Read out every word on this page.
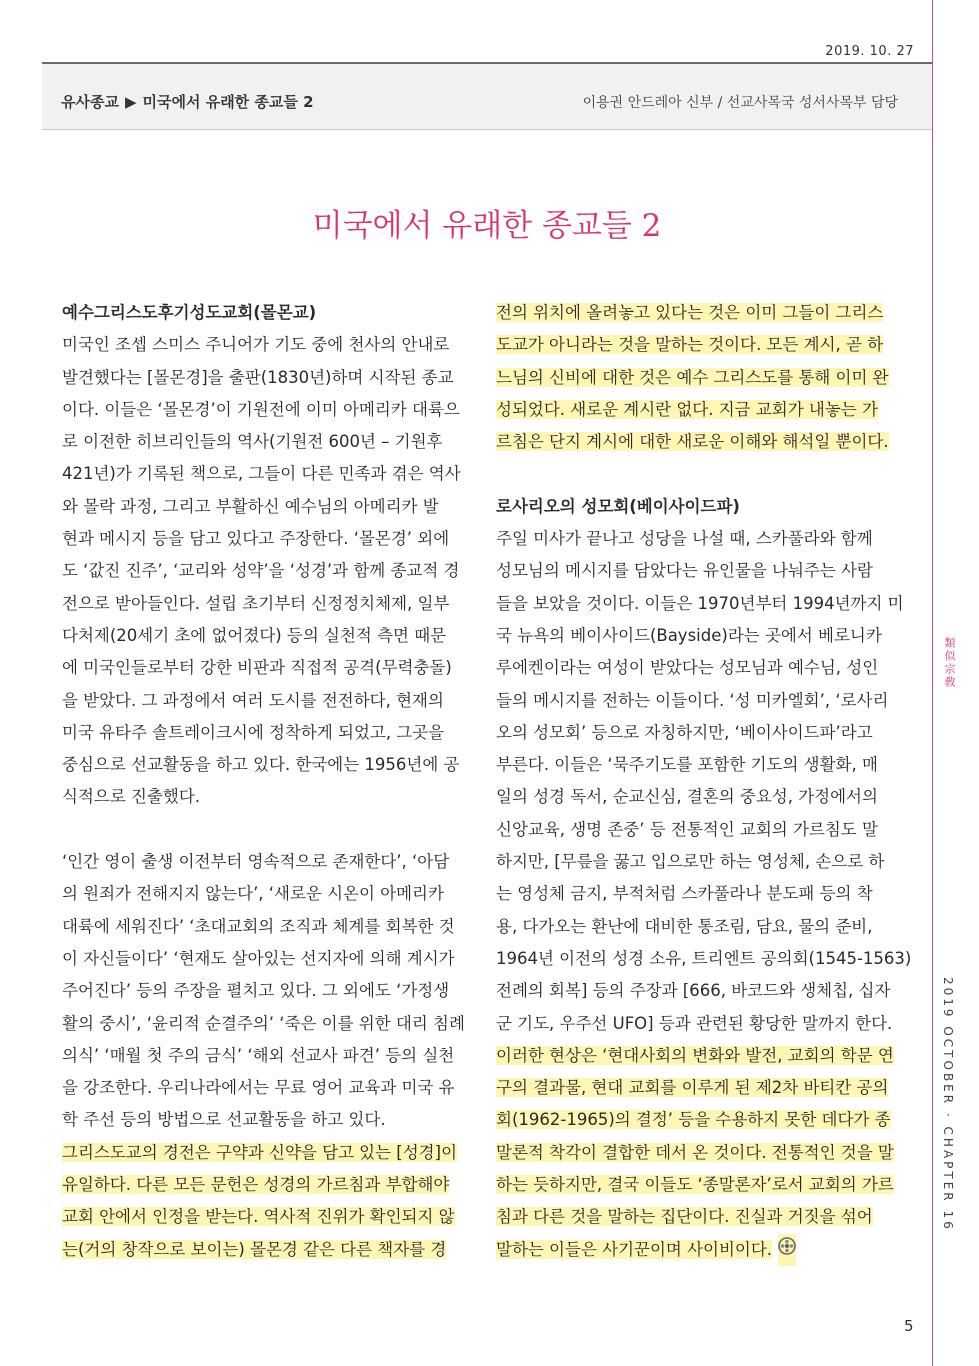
2019. 10. 27
유사종교 ▶ 미국에서 유래한 종교들 2	이용권 안드레아 신부 / 선교사목국 성서사목부 담당
미국에서 유래한 종교들 2
예수그리스도후기성도교회(몰몬교)
미국인 조셉 스미스 주니어가 기도 중에 천사의 안내로
발견했다는 [몰몬경]을 출판(1830년)하며 시작된 종교
이다. 이들은 ‘몰몬경’이 기원전에 이미 아메리카 대륙으
로 이전한 히브리인들의 역사(기원전 600년 – 기원후
421년)가 기록된 책으로, 그들이 다른 민족과 겪은 역사
와 몰락 과정, 그리고 부활하신 예수님의 아메리카 발
현과 메시지 등을 담고 있다고 주장한다. ‘몰몬경’ 외에
도 ‘값진 진주’, ‘교리와 성약’을 ‘성경’과 함께 종교적 경
전으로 받아들인다. 설립 초기부터 신정정치체제, 일부
다처제(20세기 초에 없어졌다) 등의 실천적 측면 때문
에 미국인들로부터 강한 비판과 직접적 공격(무력충돌)
을 받았다. 그 과정에서 여러 도시를 전전하다, 현재의
미국 유타주 솔트레이크시에 정착하게 되었고, 그곳을
중심으로 선교활동을 하고 있다. 한국에는 1956년에 공
식적으로 진출했다.
‘인간 영이 출생 이전부터 영속적으로 존재한다’, ‘아담
의 원죄가 전해지지 않는다’, ‘새로운 시온이 아메리카
대륙에 세워진다’ ‘초대교회의 조직과 체계를 회복한 것
이 자신들이다’ ‘현재도 살아있는 선지자에 의해 계시가
주어진다’ 등의 주장을 펼치고 있다. 그 외에도 ‘가정생
활의 중시’, ‘윤리적 순결주의’ ‘죽은 이를 위한 대리 침례
의식’ ‘매월 첫 주의 금식’ ‘해외 선교사 파견’ 등의 실천
을 강조한다. 우리나라에서는 무료 영어 교육과 미국 유
학 주선 등의 방법으로 선교활동을 하고 있다.
그리스도교의 경전은 구약과 신약을 담고 있는 [성경]이
유일하다. 다른 모든 문헌은 성경의 가르침과 부합해야
교회 안에서 인정을 받는다. 역사적 진위가 확인되지 않
는(거의 창작으로 보이는) 몰몬경 같은 다른 책자를 경
전의 위치에 올려놓고 있다는 것은 이미 그들이 그리스
도교가 아니라는 것을 말하는 것이다. 모든 계시, 곧 하
느님의 신비에 대한 것은 예수 그리스도를 통해 이미 완
성되었다. 새로운 계시란 없다. 지금 교회가 내놓는 가
르침은 단지 계시에 대한 새로운 이해와 해석일 뿐이다.
로사리오의 성모회(베이사이드파)
주일 미사가 끝나고 성당을 나설 때, 스카풀라와 함께
성모님의 메시지를 담았다는 유인물을 나눠주는 사람
들을 보았을 것이다. 이들은 1970년부터 1994년까지 미
국 뉴욕의 베이사이드(Bayside)라는 곳에서 베로니카
루에켄이라는 여성이 받았다는 성모님과 예수님, 성인
들의 메시지를 전하는 이들이다. ‘성 미카엘회’, ‘로사리
오의 성모회’ 등으로 자칭하지만, ‘베이사이드파’라고
부른다. 이들은 ‘묵주기도를 포함한 기도의 생활화, 매
일의 성경 독서, 순교신심, 결혼의 중요성, 가정에서의
신앙교육, 생명 존중’ 등 전통적인 교회의 가르침도 말
하지만, [무릎을 꿇고 입으로만 하는 영성체, 손으로 하
는 영성체 금지, 부적처럼 스카풀라나 분도패 등의 착
용, 다가오는 환난에 대비한 통조림, 담요, 물의 준비,
1964년 이전의 성경 소유, 트리엔트 공의회(1545-1563)
전례의 회복] 등의 주장과 [666, 바코드와 생체칩, 십자
군 기도, 우주선 UFO] 등과 관련된 황당한 말까지 한다.
이러한 현상은 ‘현대사회의 변화와 발전, 교회의 학문 연
구의 결과물, 현대 교회를 이루게 된 제2차 바티칸 공의
회(1962-1965)의 결정’ 등을 수용하지 못한 데다가 종
말론적 착각이 결합한 데서 온 것이다. 전통적인 것을 말
하는 듯하지만, 결국 이들도 ‘종말론자’로서 교회의 가르
침과 다른 것을 말하는 집단이다. 진실과 거짓을 섞어
말하는 이들은 사기꾼이며 사이비이다.
類似宗敎
2019 OCTOBER · CHAPTER 16
5
